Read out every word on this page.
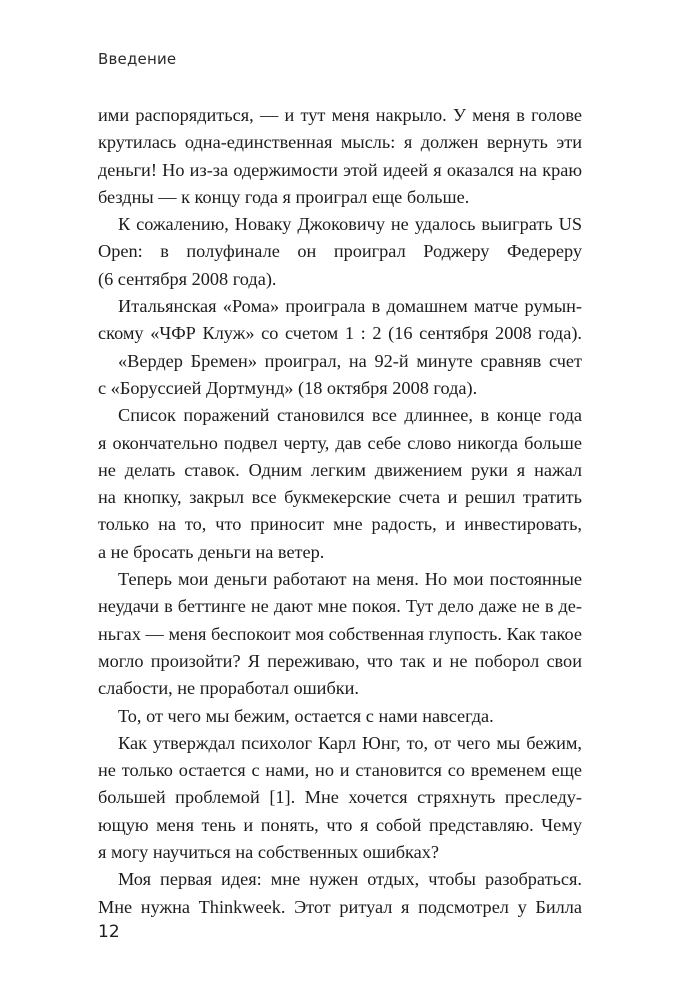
Введение

ими распорядиться, — и тут меня накрыло. У меня в голове крутилась одна-единственная мысль: я должен вернуть эти деньги! Но из-за одержимости этой идеей я оказался на краю

бездны — к концу года я проиграл еще больше.

К сожалению, Новаку Джоковичу не удалось выиграть US Open: в полуфинале он проиграл Роджеру Федереру

(6 сентября 2008 года).

Итальянская «Рома» проиграла в домашнем матче румын-

скому «ЧФР Клуж» со счетом 1 : 2 (16 сентября 2008 года).

«Вердер Бремен» проиграл, на 92-й минуте сравняв счет

с «Боруссией Дортмунд» (18 октября 2008 года).

Список поражений становился все длиннее, в конце года

я окончательно подвел черту, дав себе слово никогда больше

не делать ставок. Одним легким движением руки я нажал

на кнопку, закрыл все букмекерские счета и решил тратить

только на то, что приносит мне радость, и инвестировать,

а не бросать деньги на ветер.

Теперь мои деньги работают на меня. Но мои постоянные

неудачи в беттинге не дают мне покоя. Тут дело даже не в де-

ньгах — меня беспокоит моя собственная глупость. Как такое

могло произойти? Я переживаю, что так и не поборол свои

слабости, не проработал ошибки.

То, от чего мы бежим, остается с нами навсегда.

Как утверждал психолог Карл Юнг, то, от чего мы бежим,

не только остается с нами, но и становится со временем еще

большей проблемой [1]. Мне хочется стряхнуть преследу-

ющую меня тень и понять, что я собой представляю. Чему

я могу научиться на собственных ошибках?

Моя первая идея: мне нужен отдых, чтобы разобраться.

Мне нужна Thinkweek. Этот ритуал я подсмотрел у Билла

12
